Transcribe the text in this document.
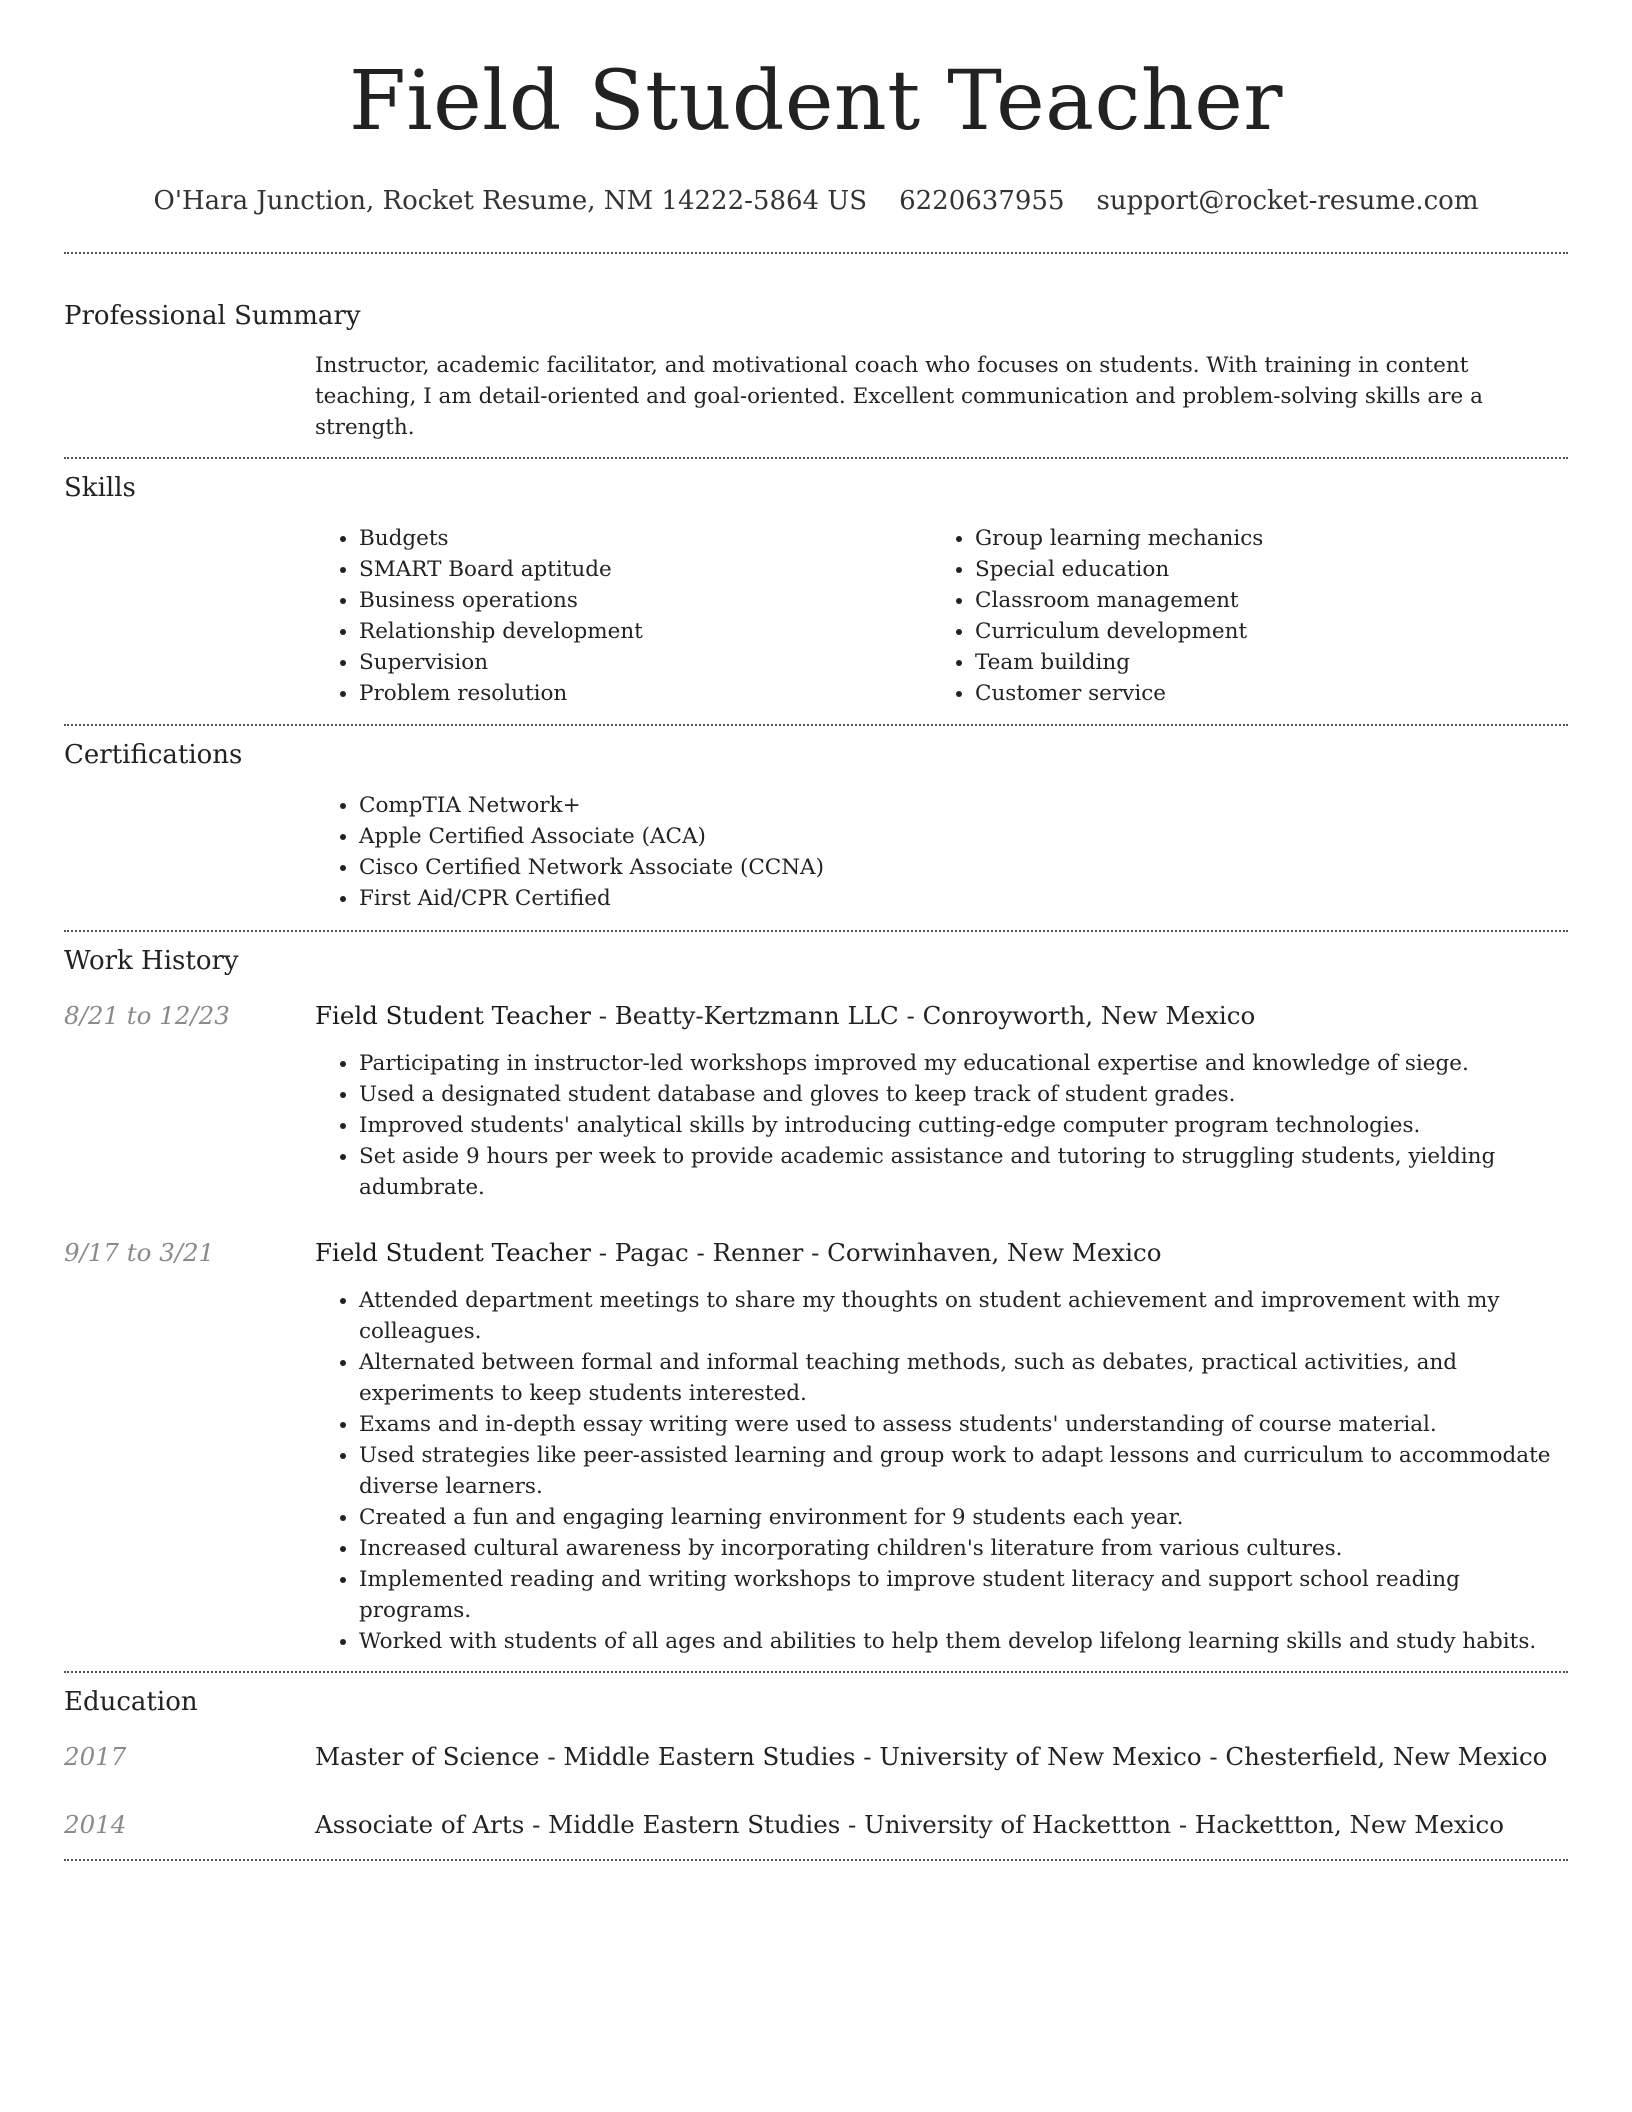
Field Student Teacher
O'Hara Junction, Rocket Resume, NM 14222-5864 US 6220637955 support@rocket-resume.com
Professional Summary

Instructor, academic facilitator, and motivational coach who focuses on students. With training in content teaching, I am detail-oriented and goal-oriented. Excellent communication and problem-solving skills are a strength.

Skills
• Budgets
• SMART Board aptitude
• Business operations
• Relationship development
• Supervision
• Problem resolution
• Group learning mechanics
• Special education
• Classroom management
• Curriculum development
• Team building
• Customer service
Certifications
• CompTIA Network+
• Apple Certified Associate (ACA)
• Cisco Certified Network Associate (CCNA)
• First Aid/CPR Certified
Work History
8/21 to 12/23	Field Student Teacher - Beatty-Kertzmann LLC - Conroyworth, New Mexico
• Participating in instructor-led workshops improved my educational expertise and knowledge of siege.
• Used a designated student database and gloves to keep track of student grades.
• Improved students' analytical skills by introducing cutting-edge computer program technologies.
• Set aside 9 hours per week to provide academic assistance and tutoring to struggling students, yielding adumbrate.
9/17 to 3/21	Field Student Teacher - Pagac - Renner - Corwinhaven, New Mexico
• Attended department meetings to share my thoughts on student achievement and improvement with my colleagues.
• Alternated between formal and informal teaching methods, such as debates, practical activities, and experiments to keep students interested.
• Exams and in-depth essay writing were used to assess students' understanding of course material.
• Used strategies like peer-assisted learning and group work to adapt lessons and curriculum to accommodate diverse learners.
• Created a fun and engaging learning environment for 9 students each year.
• Increased cultural awareness by incorporating children's literature from various cultures.
• Implemented reading and writing workshops to improve student literacy and support school reading programs.
• Worked with students of all ages and abilities to help them develop lifelong learning skills and study habits.
Education
2017	Master of Science - Middle Eastern Studies - University of New Mexico - Chesterfield, New Mexico
2014	Associate of Arts - Middle Eastern Studies - University of Hackettton - Hackettton, New Mexico
